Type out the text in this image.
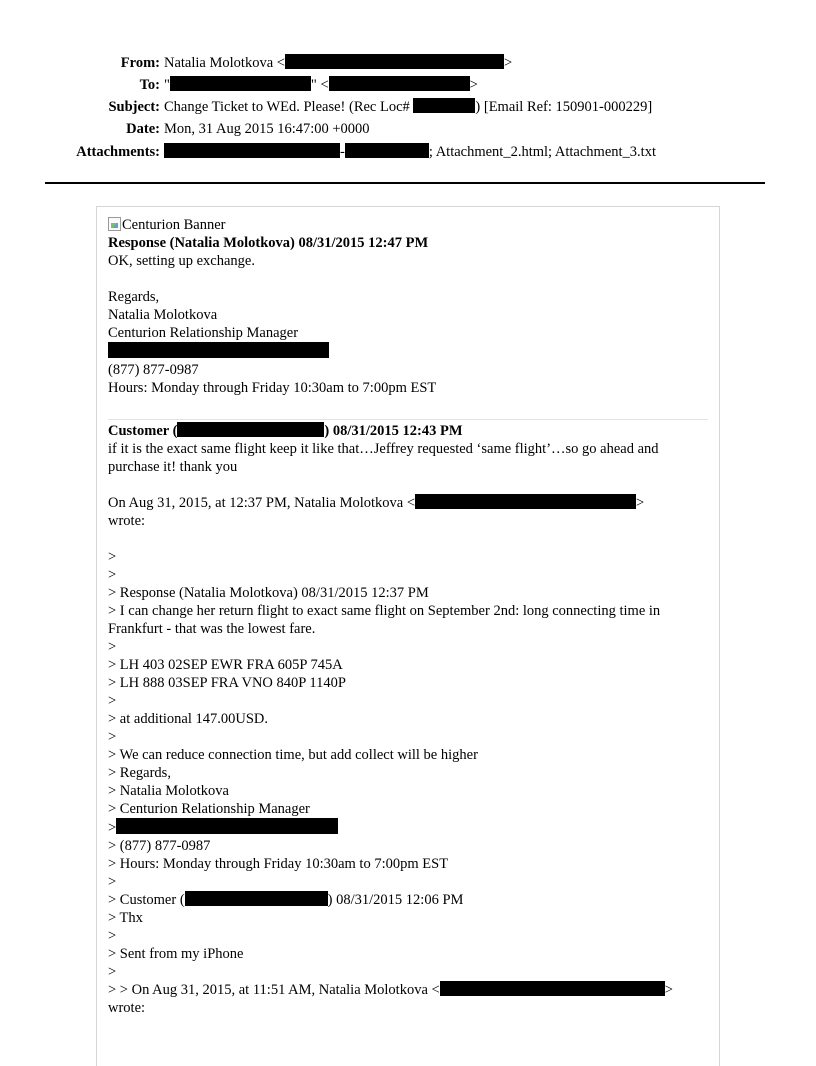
From: Natalia Molotkova <	>
To: "	" <	>
Subject: Change Ticket to WEd. Please! (Rec Loc#	) [Email Ref: 150901-000229]
Date: Mon, 31 Aug 2015 16:47:00 +0000
Attachments:	-	; Attachment_2.html; Attachment_3.txt

Centurion Banner

Response (Natalia Molotkova) 08/31/2015 12:47 PM

OK, setting up exchange.

Regards,

Natalia Molotkova

Centurion Relationship Manager

(877) 877-0987

Hours: Monday through Friday 10:30am to 7:00pm EST

Customer (	) 08/31/2015 12:43 PM

if it is the exact same flight keep it like that…Jeffrey requested ‘same flight’…so go ahead and purchase it! thank you

On Aug 31, 2015, at 12:37 PM, Natalia Molotkova <	>

wrote:

>

>

> Response (Natalia Molotkova) 08/31/2015 12:37 PM

> I can change her return flight to exact same flight on September 2nd: long connecting time in Frankfurt - that was the lowest fare.

>

> LH 403 02SEP EWR FRA 605P 745A

> LH 888 03SEP FRA VNO 840P 1140P

>

> at additional 147.00USD.

>

> We can reduce connection time, but add collect will be higher

> Regards,

> Natalia Molotkova

> Centurion Relationship Manager

>

> (877) 877-0987

> Hours: Monday through Friday 10:30am to 7:00pm EST

>

> Customer (	) 08/31/2015 12:06 PM

> Thx

>

> Sent from my iPhone

>

> > On Aug 31, 2015, at 11:51 AM, Natalia Molotkova <	>

wrote:
